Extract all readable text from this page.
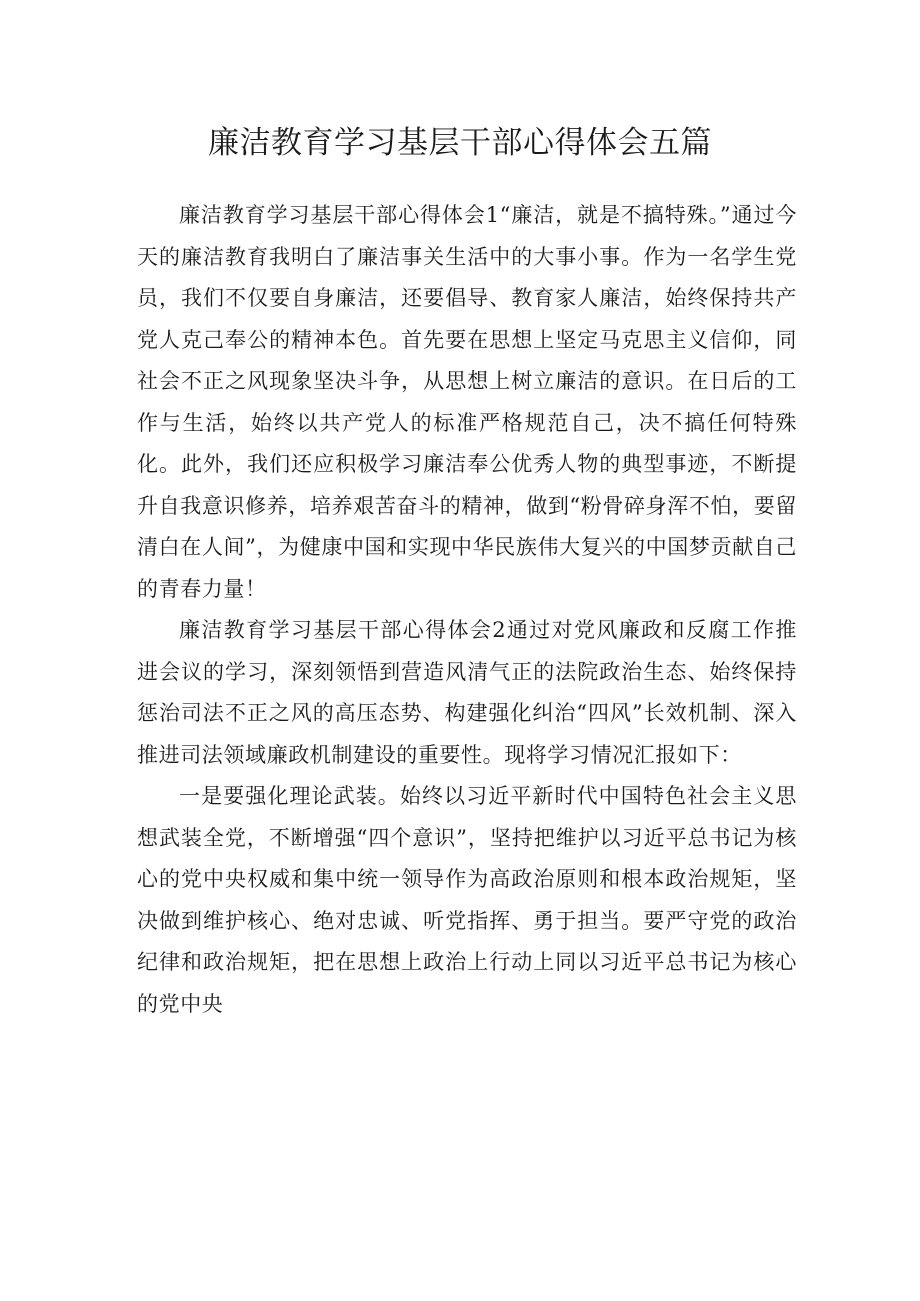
廉洁教育学习基层干部心得体会五篇

廉洁教育学习基层干部心得体会1“廉洁，就是不搞特殊。”通过今天的廉洁教育我明白了廉洁事关生活中的大事小事。作为一名学生党员，我们不仅要自身廉洁，还要倡导、教育家人廉洁，始终保持共产党人克己奉公的精神本色。首先要在思想上坚定马克思主义信仰，同社会不正之风现象坚决斗争，从思想上树立廉洁的意识。在日后的工作与生活，始终以共产党人的标准严格规范自己，决不搞任何特殊化。此外，我们还应积极学习廉洁奉公优秀人物的典型事迹，不断提升自我意识修养，培养艰苦奋斗的精神，做到“粉骨碎身浑不怕，要留清白在人间”，为健康中国和实现中华民族伟大复兴的中国梦贡献自己的青春力量！

廉洁教育学习基层干部心得体会2通过对党风廉政和反腐工作推进会议的学习，深刻领悟到营造风清气正的法院政治生态、始终保持惩治司法不正之风的高压态势、构建强化纠治“四风”长效机制、深入推进司法领域廉政机制建设的重要性。现将学习情况汇报如下：

一是要强化理论武装。始终以习近平新时代中国特色社会主义思想武装全党，不断增强“四个意识”，坚持把维护以习近平总书记为核心的党中央权威和集中统一领导作为高政治原则和根本政治规矩，坚决做到维护核心、绝对忠诚、听党指挥、勇于担当。要严守党的政治纪律和政治规矩，把在思想上政治上行动上同以习近平总书记为核心的党中央
